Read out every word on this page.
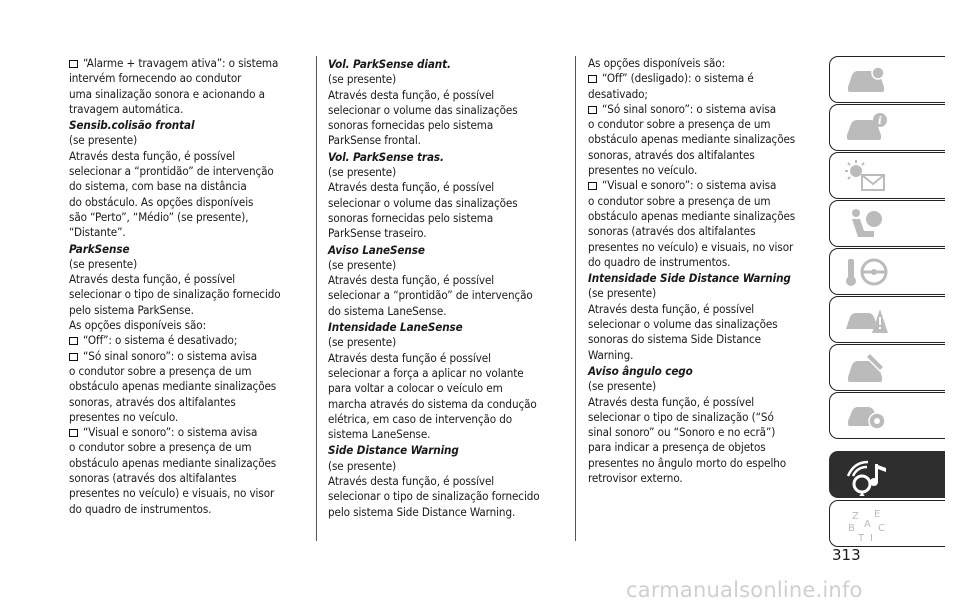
“Alarme + travagem ativa”: o sistema
intervém fornecendo ao condutor
uma sinalização sonora e acionando a
travagem automática.
Sensib.colisão frontal
(se presente)
Através desta função, é possível
selecionar a “prontidão” de intervenção
do sistema, com base na distância
do obstáculo. As opções disponíveis
são “Perto”, “Médio” (se presente),
“Distante”.
ParkSense
(se presente)
Através desta função, é possível
selecionar o tipo de sinalização fornecido
pelo sistema ParkSense.
As opções disponíveis são:
“Off”: o sistema é desativado;
“Só sinal sonoro”: o sistema avisa
o condutor sobre a presença de um
obstáculo apenas mediante sinalizações
sonoras, através dos altifalantes
presentes no veículo.
“Visual e sonoro”: o sistema avisa
o condutor sobre a presença de um
obstáculo apenas mediante sinalizações
sonoras (através dos altifalantes
presentes no veículo) e visuais, no visor
do quadro de instrumentos.
Vol. ParkSense diant.
(se presente)
Através desta função, é possível
selecionar o volume das sinalizações
sonoras fornecidas pelo sistema
ParkSense frontal.
Vol. ParkSense tras.
(se presente)
Através desta função, é possível
selecionar o volume das sinalizações
sonoras fornecidas pelo sistema
ParkSense traseiro.
Aviso LaneSense
(se presente)
Através desta função, é possível
selecionar a “prontidão” de intervenção
do sistema LaneSense.
Intensidade LaneSense
(se presente)
Através desta função é possível
selecionar a força a aplicar no volante
para voltar a colocar o veículo em
marcha através do sistema da condução
elétrica, em caso de intervenção do
sistema LaneSense.
Side Distance Warning
(se presente)
Através desta função, é possível
selecionar o tipo de sinalização fornecido
pelo sistema Side Distance Warning.
As opções disponíveis são:
“Off” (desligado): o sistema é
desativado;
“Só sinal sonoro”: o sistema avisa
o condutor sobre a presença de um
obstáculo apenas mediante sinalizações
sonoras, através dos altifalantes
presentes no veículo.
“Visual e sonoro”: o sistema avisa
o condutor sobre a presença de um
obstáculo apenas mediante sinalizações
sonoras (através dos altifalantes
presentes no veículo) e visuais, no visor
do quadro de instrumentos.
Intensidade Side Distance Warning
(se presente)
Através desta função, é possível
selecionar o volume das sinalizações
sonoras do sistema Side Distance
Warning.
Aviso ângulo cego
(se presente)
Através desta função, é possível
selecionar o tipo de sinalização (“Só
sinal sonoro” ou “Sonoro e no ecrã”)
para indicar a presença de objetos
presentes no ângulo morto do espelho
retrovisor externo.
i
Z E
B A C
T I
313
carmanualsonline.info
